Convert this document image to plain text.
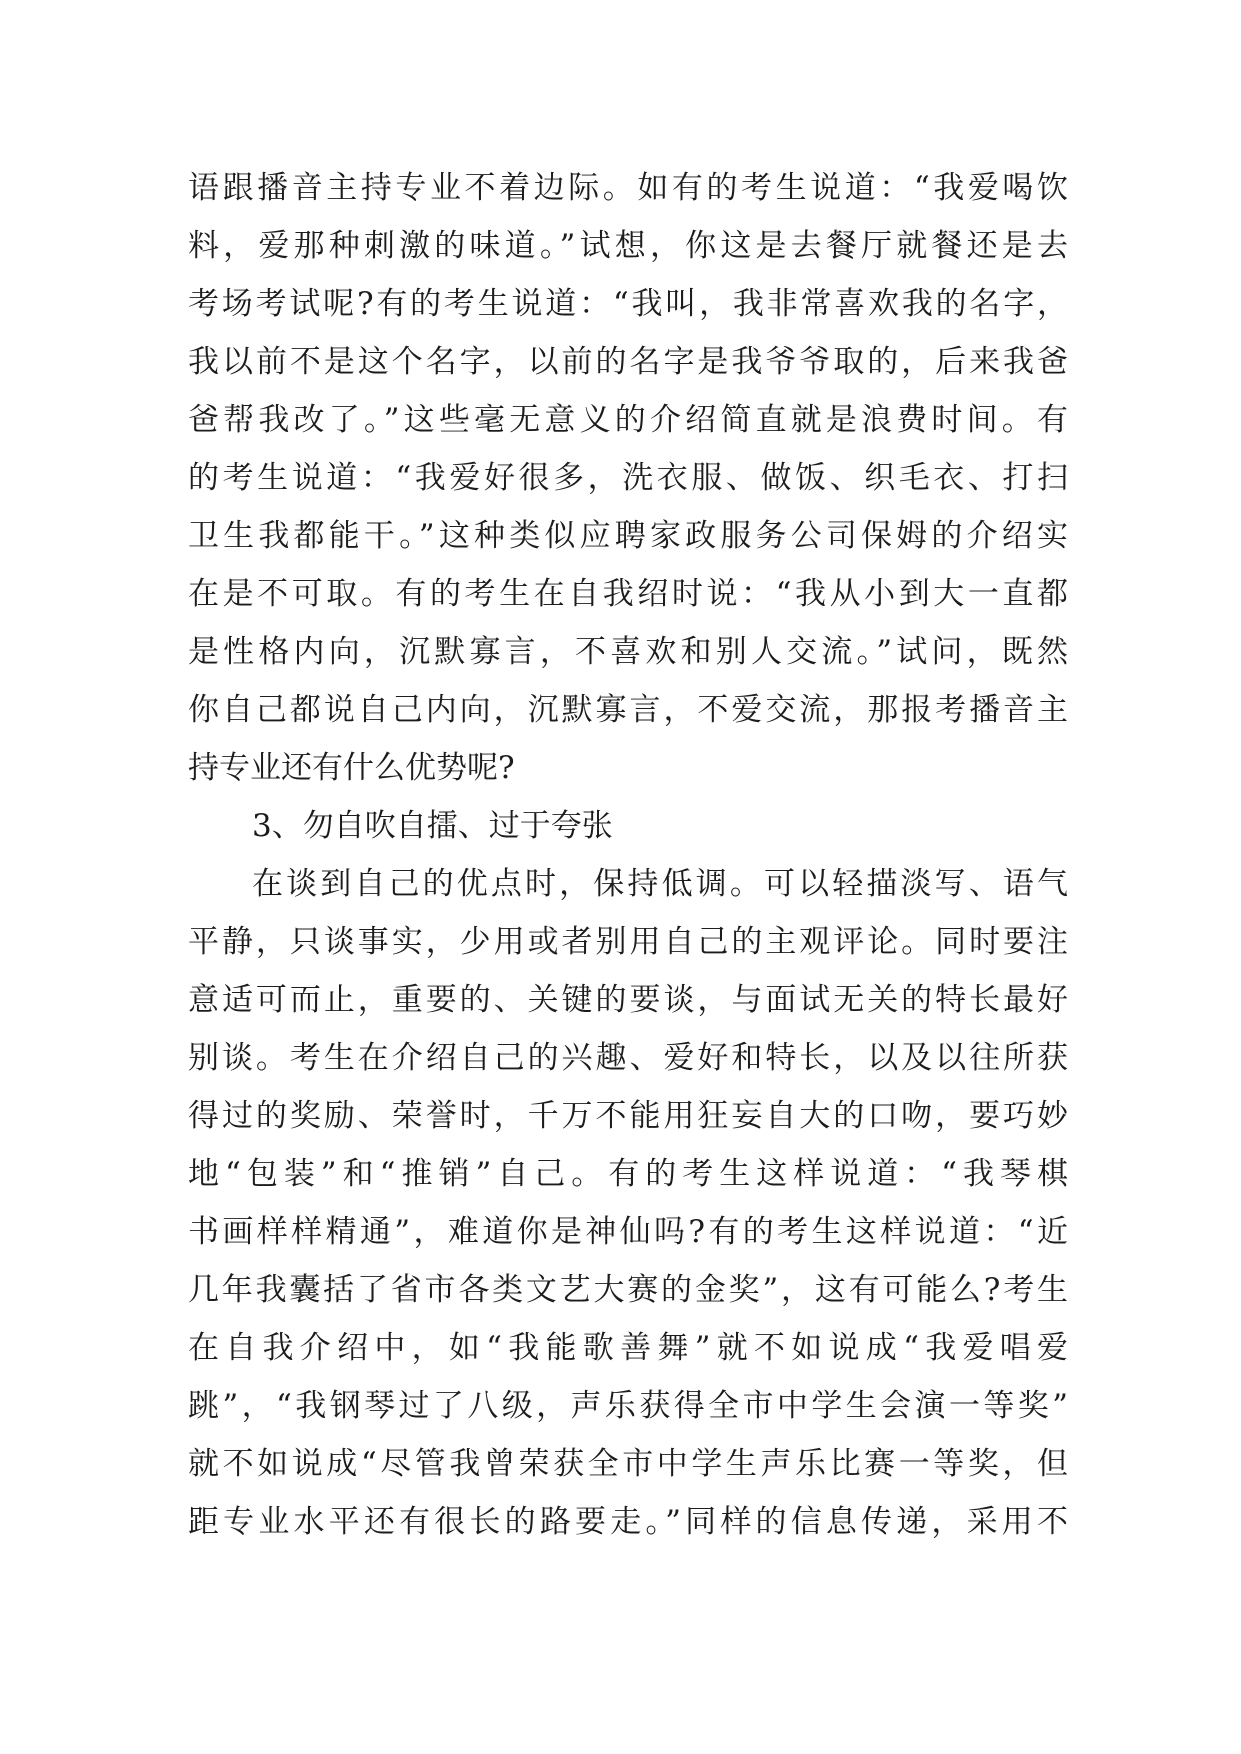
语跟播音主持专业不着边际。如有的考生说道：“我爱喝饮
料，爱那种刺激的味道。”试想，你这是去餐厅就餐还是去
考场考试呢?有的考生说道：“我叫，我非常喜欢我的名字，
我以前不是这个名字，以前的名字是我爷爷取的，后来我爸
爸帮我改了。”这些毫无意义的介绍简直就是浪费时间。有
的考生说道：“我爱好很多，洗衣服、做饭、织毛衣、打扫
卫生我都能干。”这种类似应聘家政服务公司保姆的介绍实
在是不可取。有的考生在自我绍时说：“我从小到大一直都
是性格内向，沉默寡言，不喜欢和别人交流。”试问，既然
你自己都说自己内向，沉默寡言，不爱交流，那报考播音主
持专业还有什么优势呢?
3、勿自吹自擂、过于夸张
在谈到自己的优点时，保持低调。可以轻描淡写、语气
平静，只谈事实，少用或者别用自己的主观评论。同时要注
意适可而止，重要的、关键的要谈，与面试无关的特长最好
别谈。考生在介绍自己的兴趣、爱好和特长，以及以往所获
得过的奖励、荣誉时，千万不能用狂妄自大的口吻，要巧妙
地“包装”和“推销”自己。有的考生这样说道：“我琴棋
书画样样精通”，难道你是神仙吗?有的考生这样说道：“近
几年我囊括了省市各类文艺大赛的金奖”，这有可能么?考生
在自我介绍中，如“我能歌善舞”就不如说成“我爱唱爱
跳”，“我钢琴过了八级，声乐获得全市中学生会演一等奖”
就不如说成“尽管我曾荣获全市中学生声乐比赛一等奖，但
距专业水平还有很长的路要走。”同样的信息传递，采用不
